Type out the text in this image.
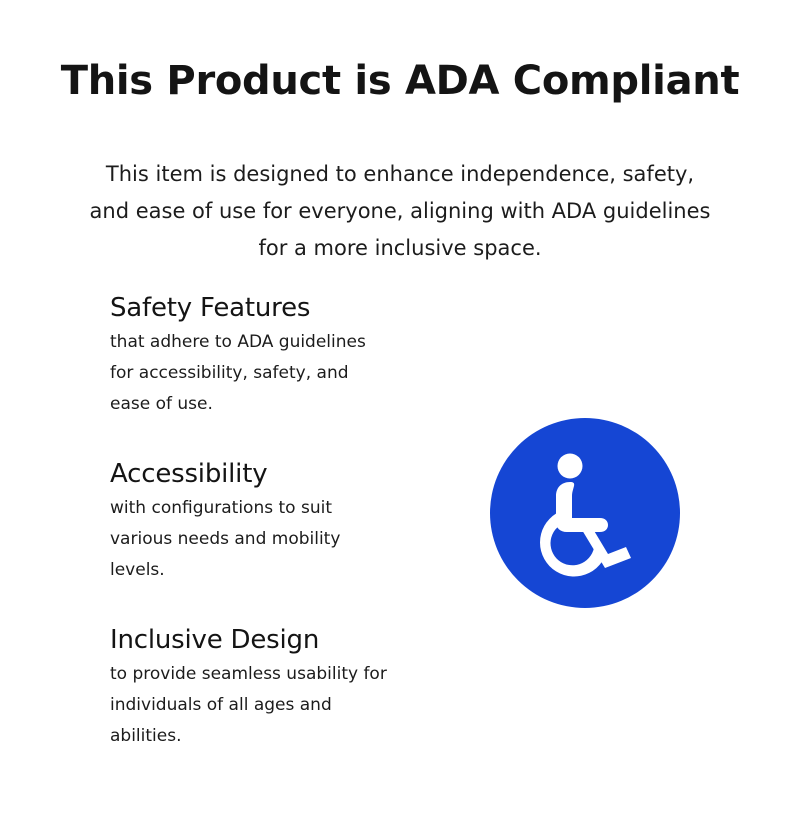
This Product is ADA Compliant

This item is designed to enhance independence, safety, and ease of use for everyone, aligning with ADA guidelines for a more inclusive space.

Safety Features
that adhere to ADA guidelines for accessibility, safety, and ease of use.
Accessibility
with configurations to suit various needs and mobility levels.
Inclusive Design
to provide seamless usability for individuals of all ages and abilities.
